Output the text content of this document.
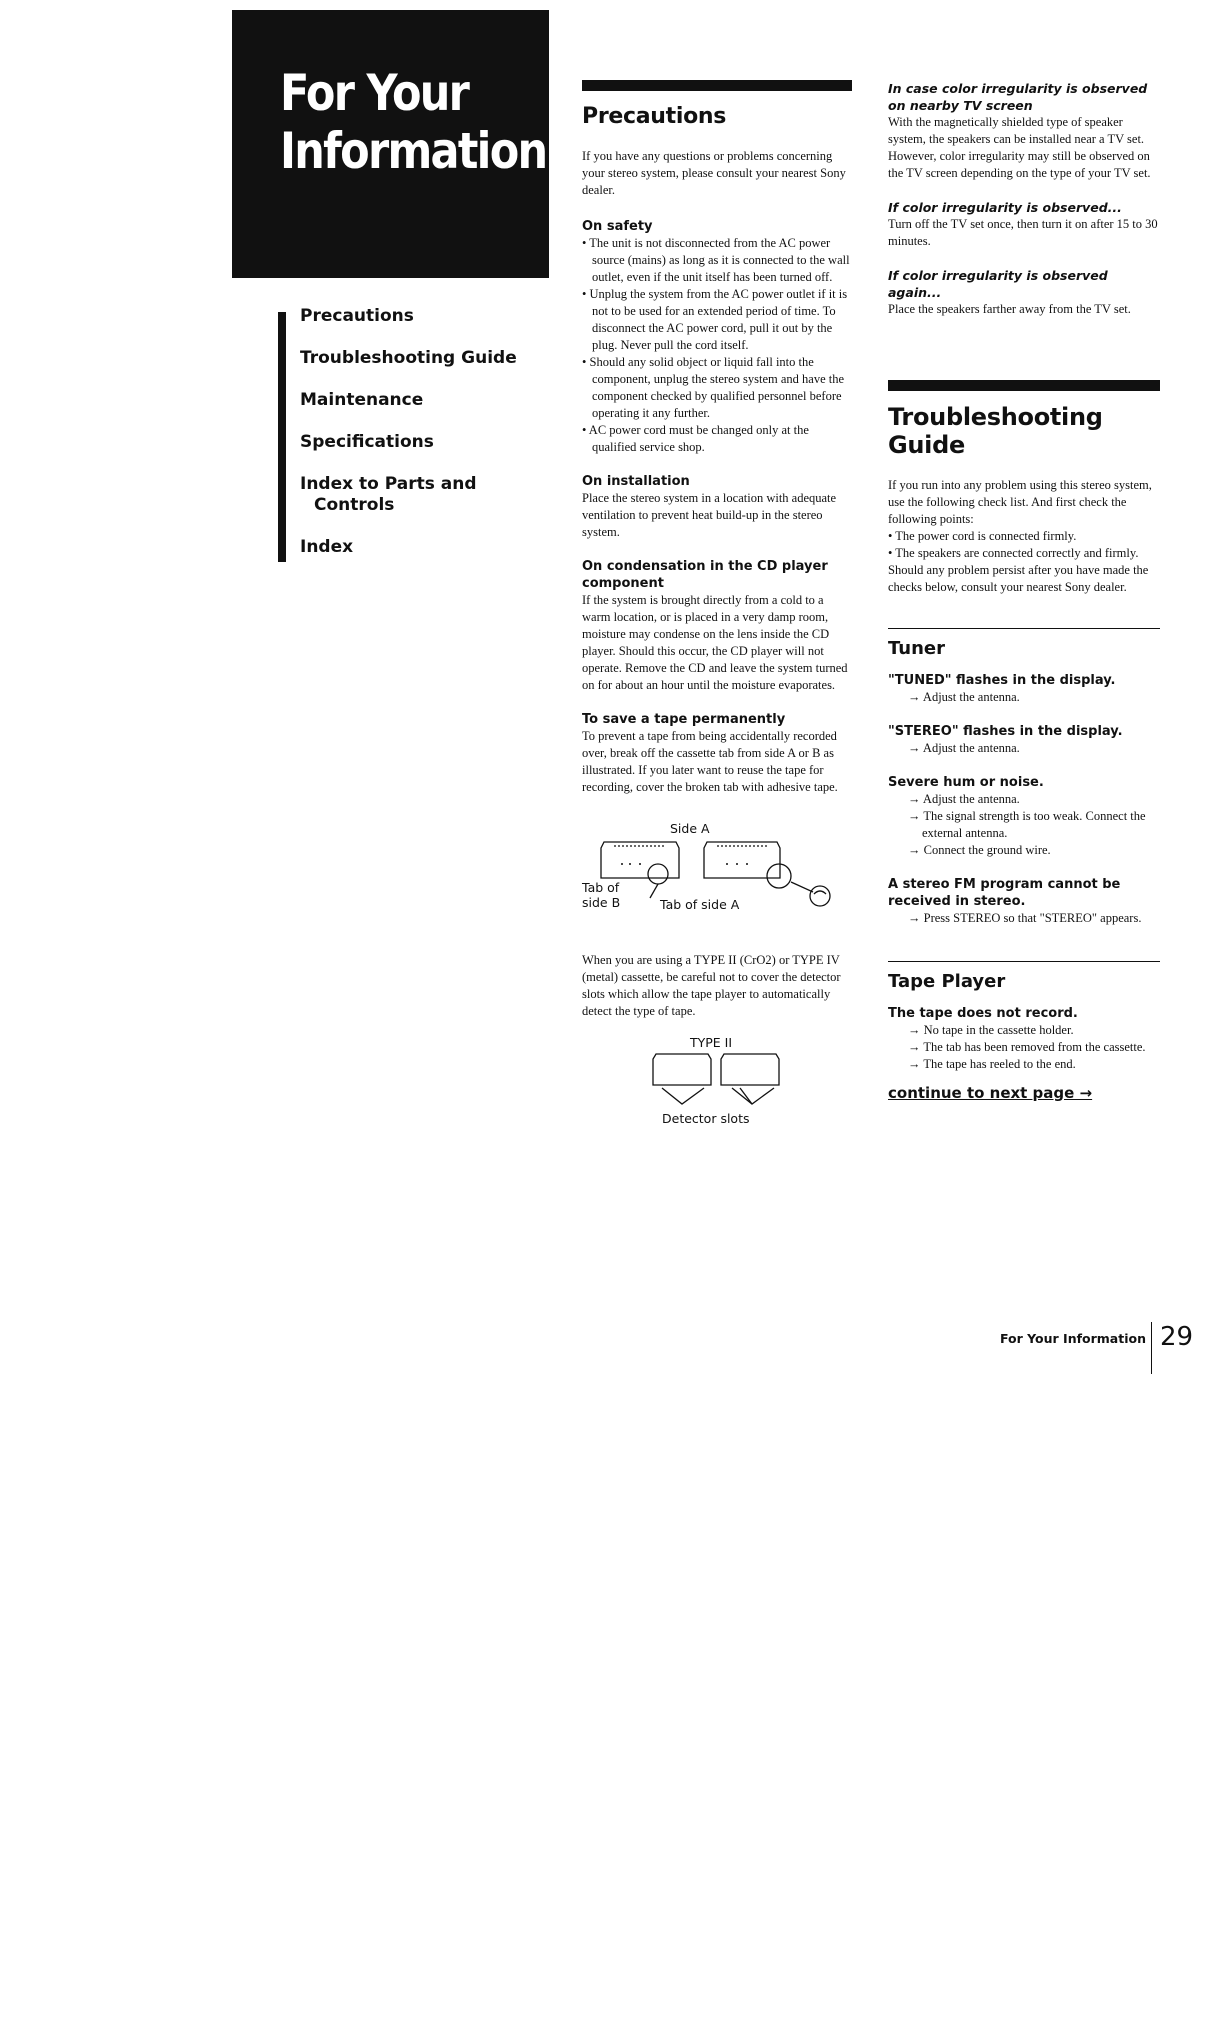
For Your
Information
Precautions
Troubleshooting Guide
Maintenance
Specifications
Index to Parts and
Controls
Index
Precautions

If you have any questions or problems concerning your stereo system, please consult your nearest Sony dealer.

On safety

• The unit is not disconnected from the AC power source (mains) as long as it is connected to the wall outlet, even if the unit itself has been turned off.

• Unplug the system from the AC power outlet if it is not to be used for an extended period of time. To disconnect the AC power cord, pull it out by the plug. Never pull the cord itself.

• Should any solid object or liquid fall into the component, unplug the stereo system and have the component checked by qualified personnel before operating it any further.

• AC power cord must be changed only at the qualified service shop.

On installation

Place the stereo system in a location with adequate ventilation to prevent heat build-up in the stereo system.

On condensation in the CD player component

If the system is brought directly from a cold to a warm location, or is placed in a very damp room, moisture may condense on the lens inside the CD player. Should this occur, the CD player will not operate. Remove the CD and leave the system turned on for about an hour until the moisture evaporates.

To save a tape permanently

To prevent a tape from being accidentally recorded over, break off the cassette tab from side A or B as illustrated. If you later want to reuse the tape for recording, cover the broken tab with adhesive tape.

Side A
Tab of
side B	Tab of side A

When you are using a TYPE II (CrO2) or TYPE IV (metal) cassette, be careful not to cover the detector slots which allow the tape player to automatically detect the type of tape.

TYPE II
Detector slots
In case color irregularity is observed on nearby TV screen

With the magnetically shielded type of speaker system, the speakers can be installed near a TV set. However, color irregularity may still be observed on the TV screen depending on the type of your TV set.

If color irregularity is observed...

Turn off the TV set once, then turn it on after 15 to 30 minutes.

If color irregularity is observed again...

Place the speakers farther away from the TV set.

Troubleshooting
Guide

If you run into any problem using this stereo system, use the following check list. And first check the following points:

• The power cord is connected firmly.

• The speakers are connected correctly and firmly.

Should any problem persist after you have made the checks below, consult your nearest Sony dealer.

Tuner
"TUNED" flashes in the display.

→ Adjust the antenna.

"STEREO" flashes in the display.

→ Adjust the antenna.

Severe hum or noise.

→ Adjust the antenna.

→ The signal strength is too weak. Connect the external antenna.

→ Connect the ground wire.

A stereo FM program cannot be received in stereo.

→ Press STEREO so that "STEREO" appears.

Tape Player
The tape does not record.

→ No tape in the cassette holder.

→ The tab has been removed from the cassette.

→ The tape has reeled to the end.

continue to next page →
For Your Information 29
